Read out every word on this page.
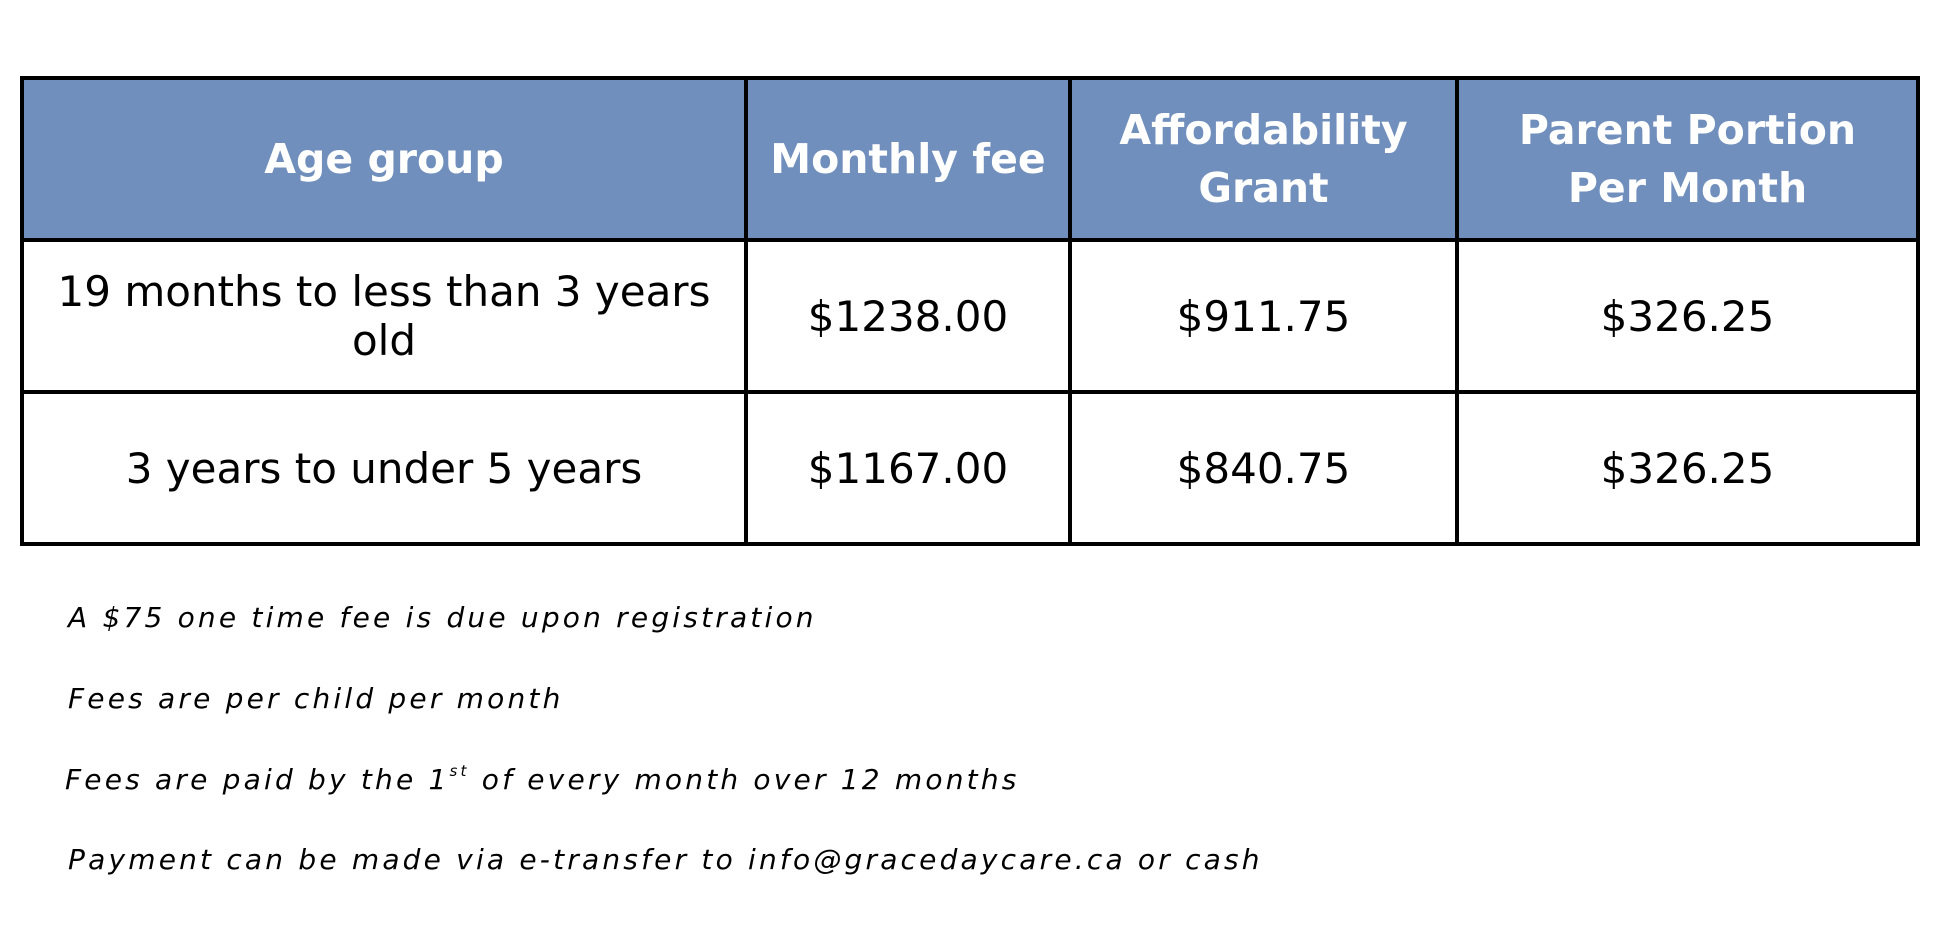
Age group	Monthly fee	Affordability Grant	Parent Portion Per Month
19 months to less than 3 years old	$1238.00	$911.75	$326.25
3 years to under 5 years	$1167.00	$840.75	$326.25
A $75 one time fee is due upon registration
Fees are per child per month
Fees are paid by the 1st of every month over 12 months
Payment can be made via e-transfer to info@gracedaycare.ca or cash
